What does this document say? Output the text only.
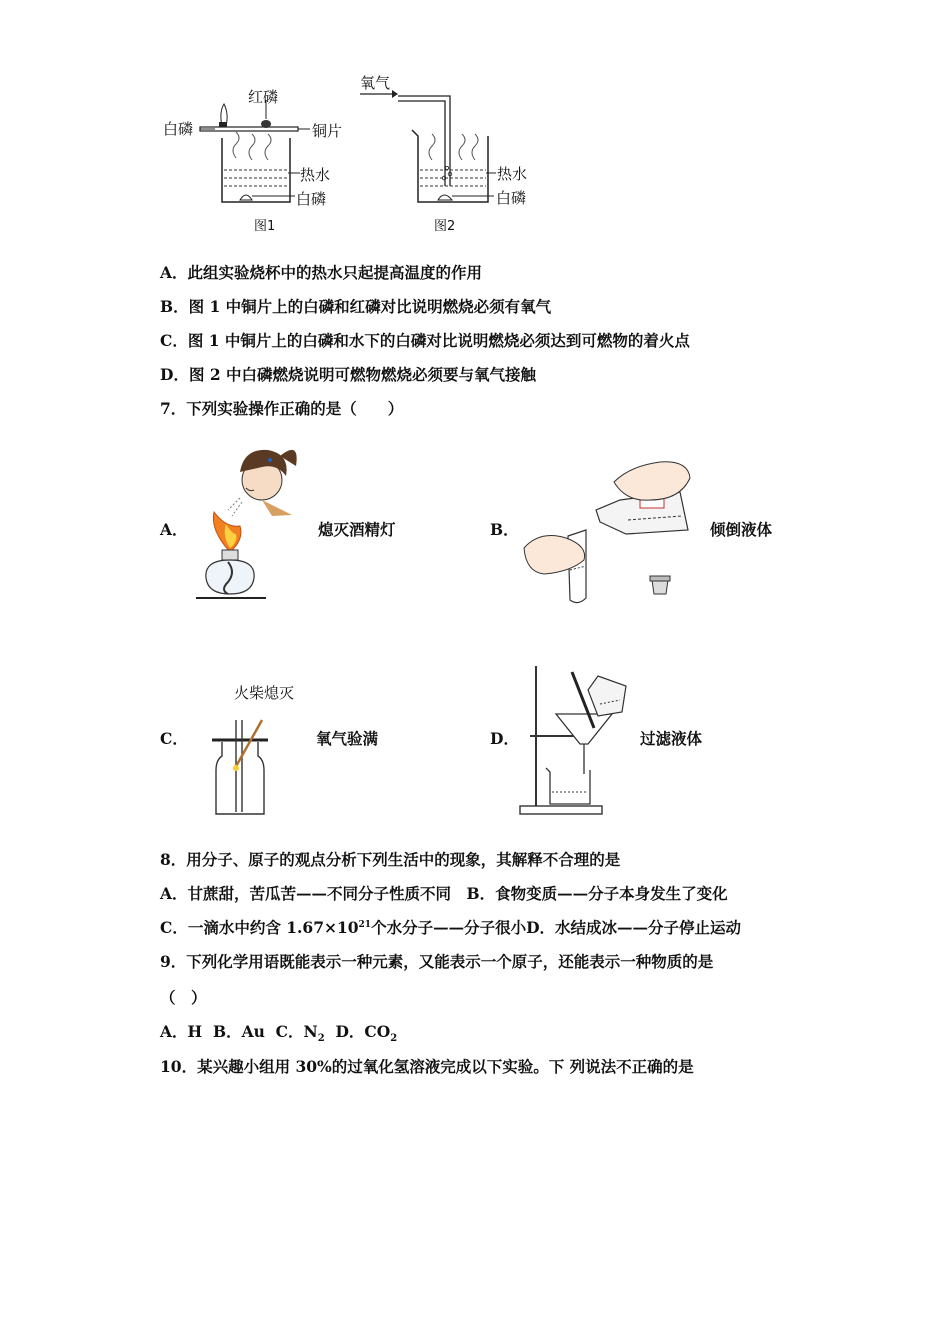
红磷
白磷	铜片
热水
白磷
图1
氧气
热水
白磷
图2
A．此组实验烧杯中的热水只起提高温度的作用
B．图 1 中铜片上的白磷和红磷对比说明燃烧必须有氧气
C．图 1 中铜片上的白磷和水下的白磷对比说明燃烧必须达到可燃物的着火点
D．图 2 中白磷燃烧说明可燃物燃烧必须要与氧气接触
7．下列实验操作正确的是（　　）
A．	熄灭酒精灯	B．	倾倒液体
C．
火柴熄灭
氧气验满	D．	过滤液体
8．用分子、原子的观点分析下列生活中的现象，其解释不合理的是
A．甘蔗甜，苦瓜苦——不同分子性质不同　B．食物变质——分子本身发生了变化
C．一滴水中约含 $1.67\times 10^{21}$个水分子——分子很小D．水结成冰——分子停止运动
9．下列化学用语既能表示一种元素，又能表示一个原子，还能表示一种物质的是
（　）
A．H B．Au C．$N_2$ D．$CO_2$
10．某兴趣小组用 30%的过氧化氢溶液完成以下实验。下 列说法不正确的是
